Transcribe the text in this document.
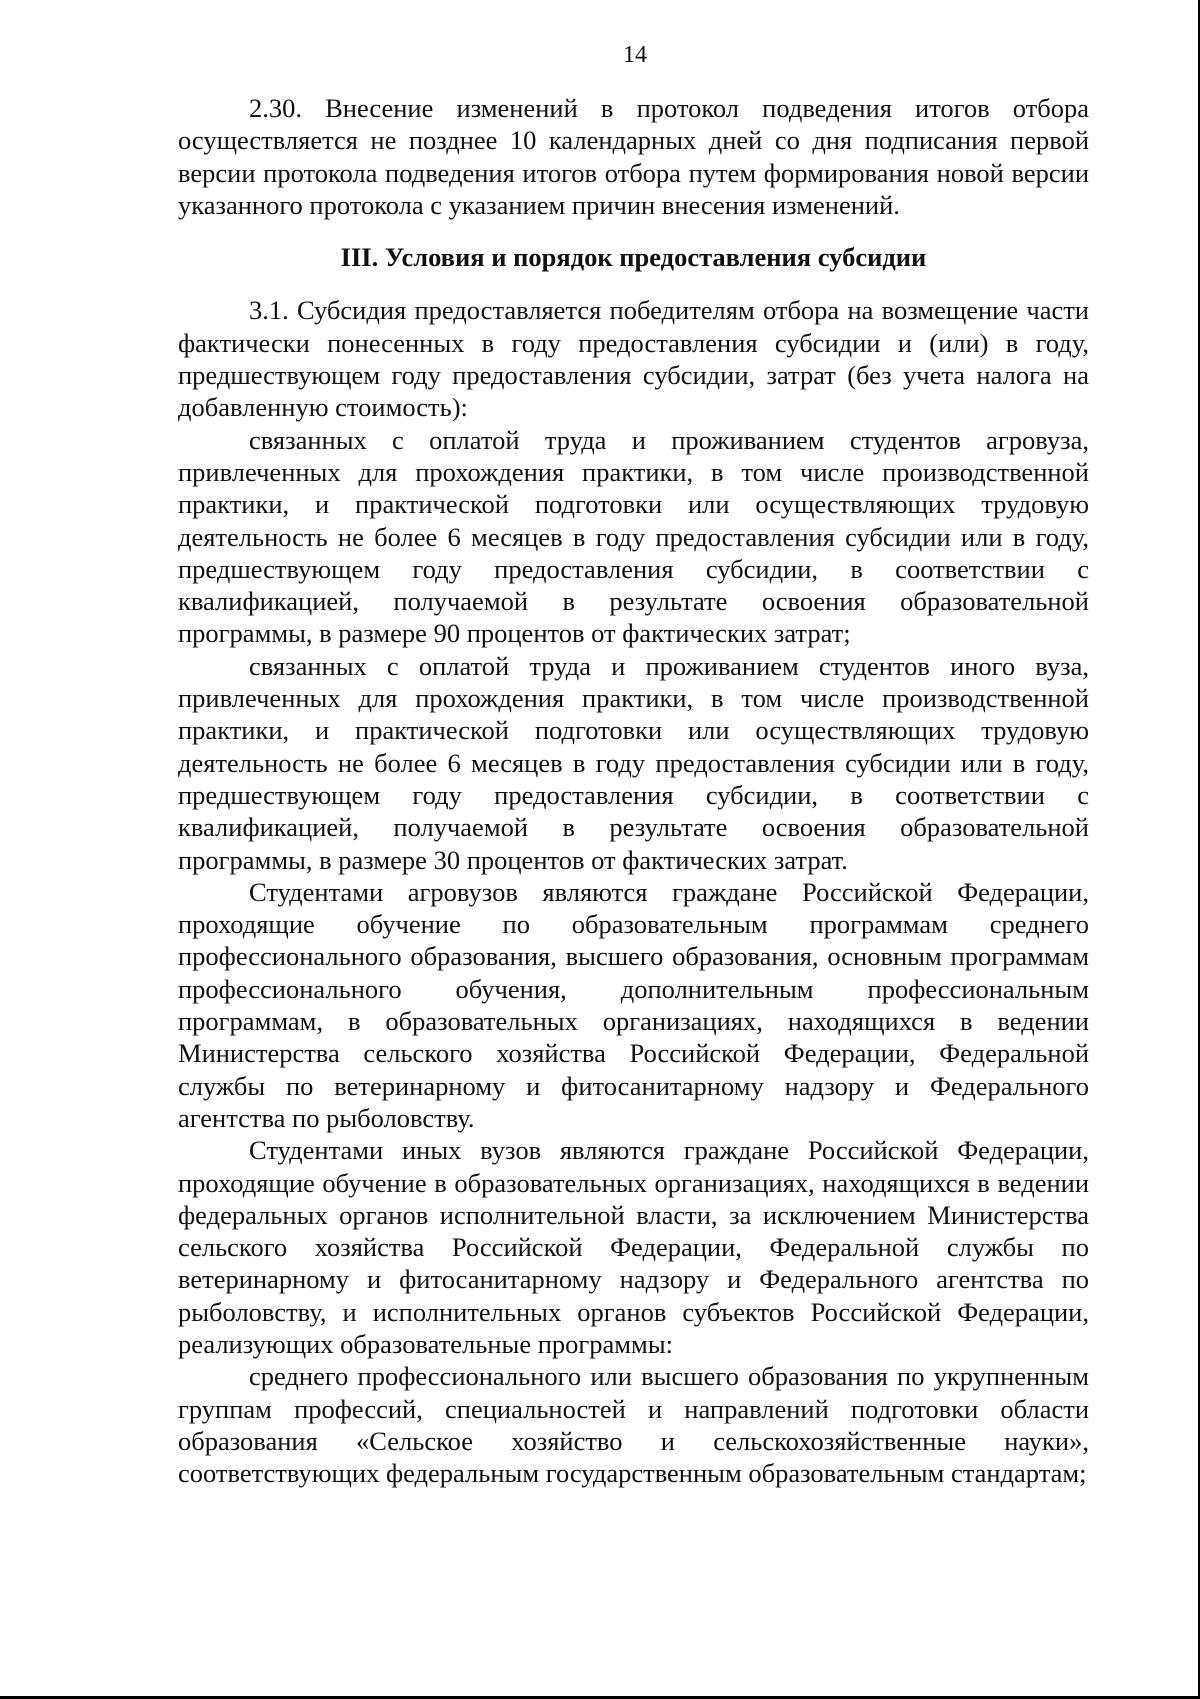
14

2.30. Внесение изменений в протокол подведения итогов отбора осуществляется не позднее 10 календарных дней со дня подписания первой версии протокола подведения итогов отбора путем формирования новой версии указанного протокола с указанием причин внесения изменений.

III. Условия и порядок предоставления субсидии

3.1. Субсидия предоставляется победителям отбора на возмещение части фактически понесенных в году предоставления субсидии и (или) в году, предшествующем году предоставления субсидии, затрат (без учета налога на добавленную стоимость):

связанных с оплатой труда и проживанием студентов агровуза, привлеченных для прохождения практики, в том числе производственной практики, и практической подготовки или осуществляющих трудовую деятельность не более 6 месяцев в году предоставления субсидии или в году, предшествующем году предоставления субсидии, в соответствии с квалификацией, получаемой в результате освоения образовательной программы, в размере 90 процентов от фактических затрат;

связанных с оплатой труда и проживанием студентов иного вуза, привлеченных для прохождения практики, в том числе производственной практики, и практической подготовки или осуществляющих трудовую деятельность не более 6 месяцев в году предоставления субсидии или в году, предшествующем году предоставления субсидии, в соответствии с квалификацией, получаемой в результате освоения образовательной программы, в размере 30 процентов от фактических затрат.

Студентами агровузов являются граждане Российской Федерации, проходящие обучение по образовательным программам среднего профессионального образования, высшего образования, основным программам профессионального обучения, дополнительным профессиональным программам, в образовательных организациях, находящихся в ведении Министерства сельского хозяйства Российской Федерации, Федеральной службы по ветеринарному и фитосанитарному надзору и Федерального агентства по рыболовству.

Студентами иных вузов являются граждане Российской Федерации, проходящие обучение в образовательных организациях, находящихся в ведении федеральных органов исполнительной власти, за исключением Министерства сельского хозяйства Российской Федерации, Федеральной службы по ветеринарному и фитосанитарному надзору и Федерального агентства по рыболовству, и исполнительных органов субъектов Российской Федерации, реализующих образовательные программы:

среднего профессионального или высшего образования по укрупненным группам профессий, специальностей и направлений подготовки области образования «Сельское хозяйство и сельскохозяйственные науки», соответствующих федеральным государственным образовательным стандартам;
